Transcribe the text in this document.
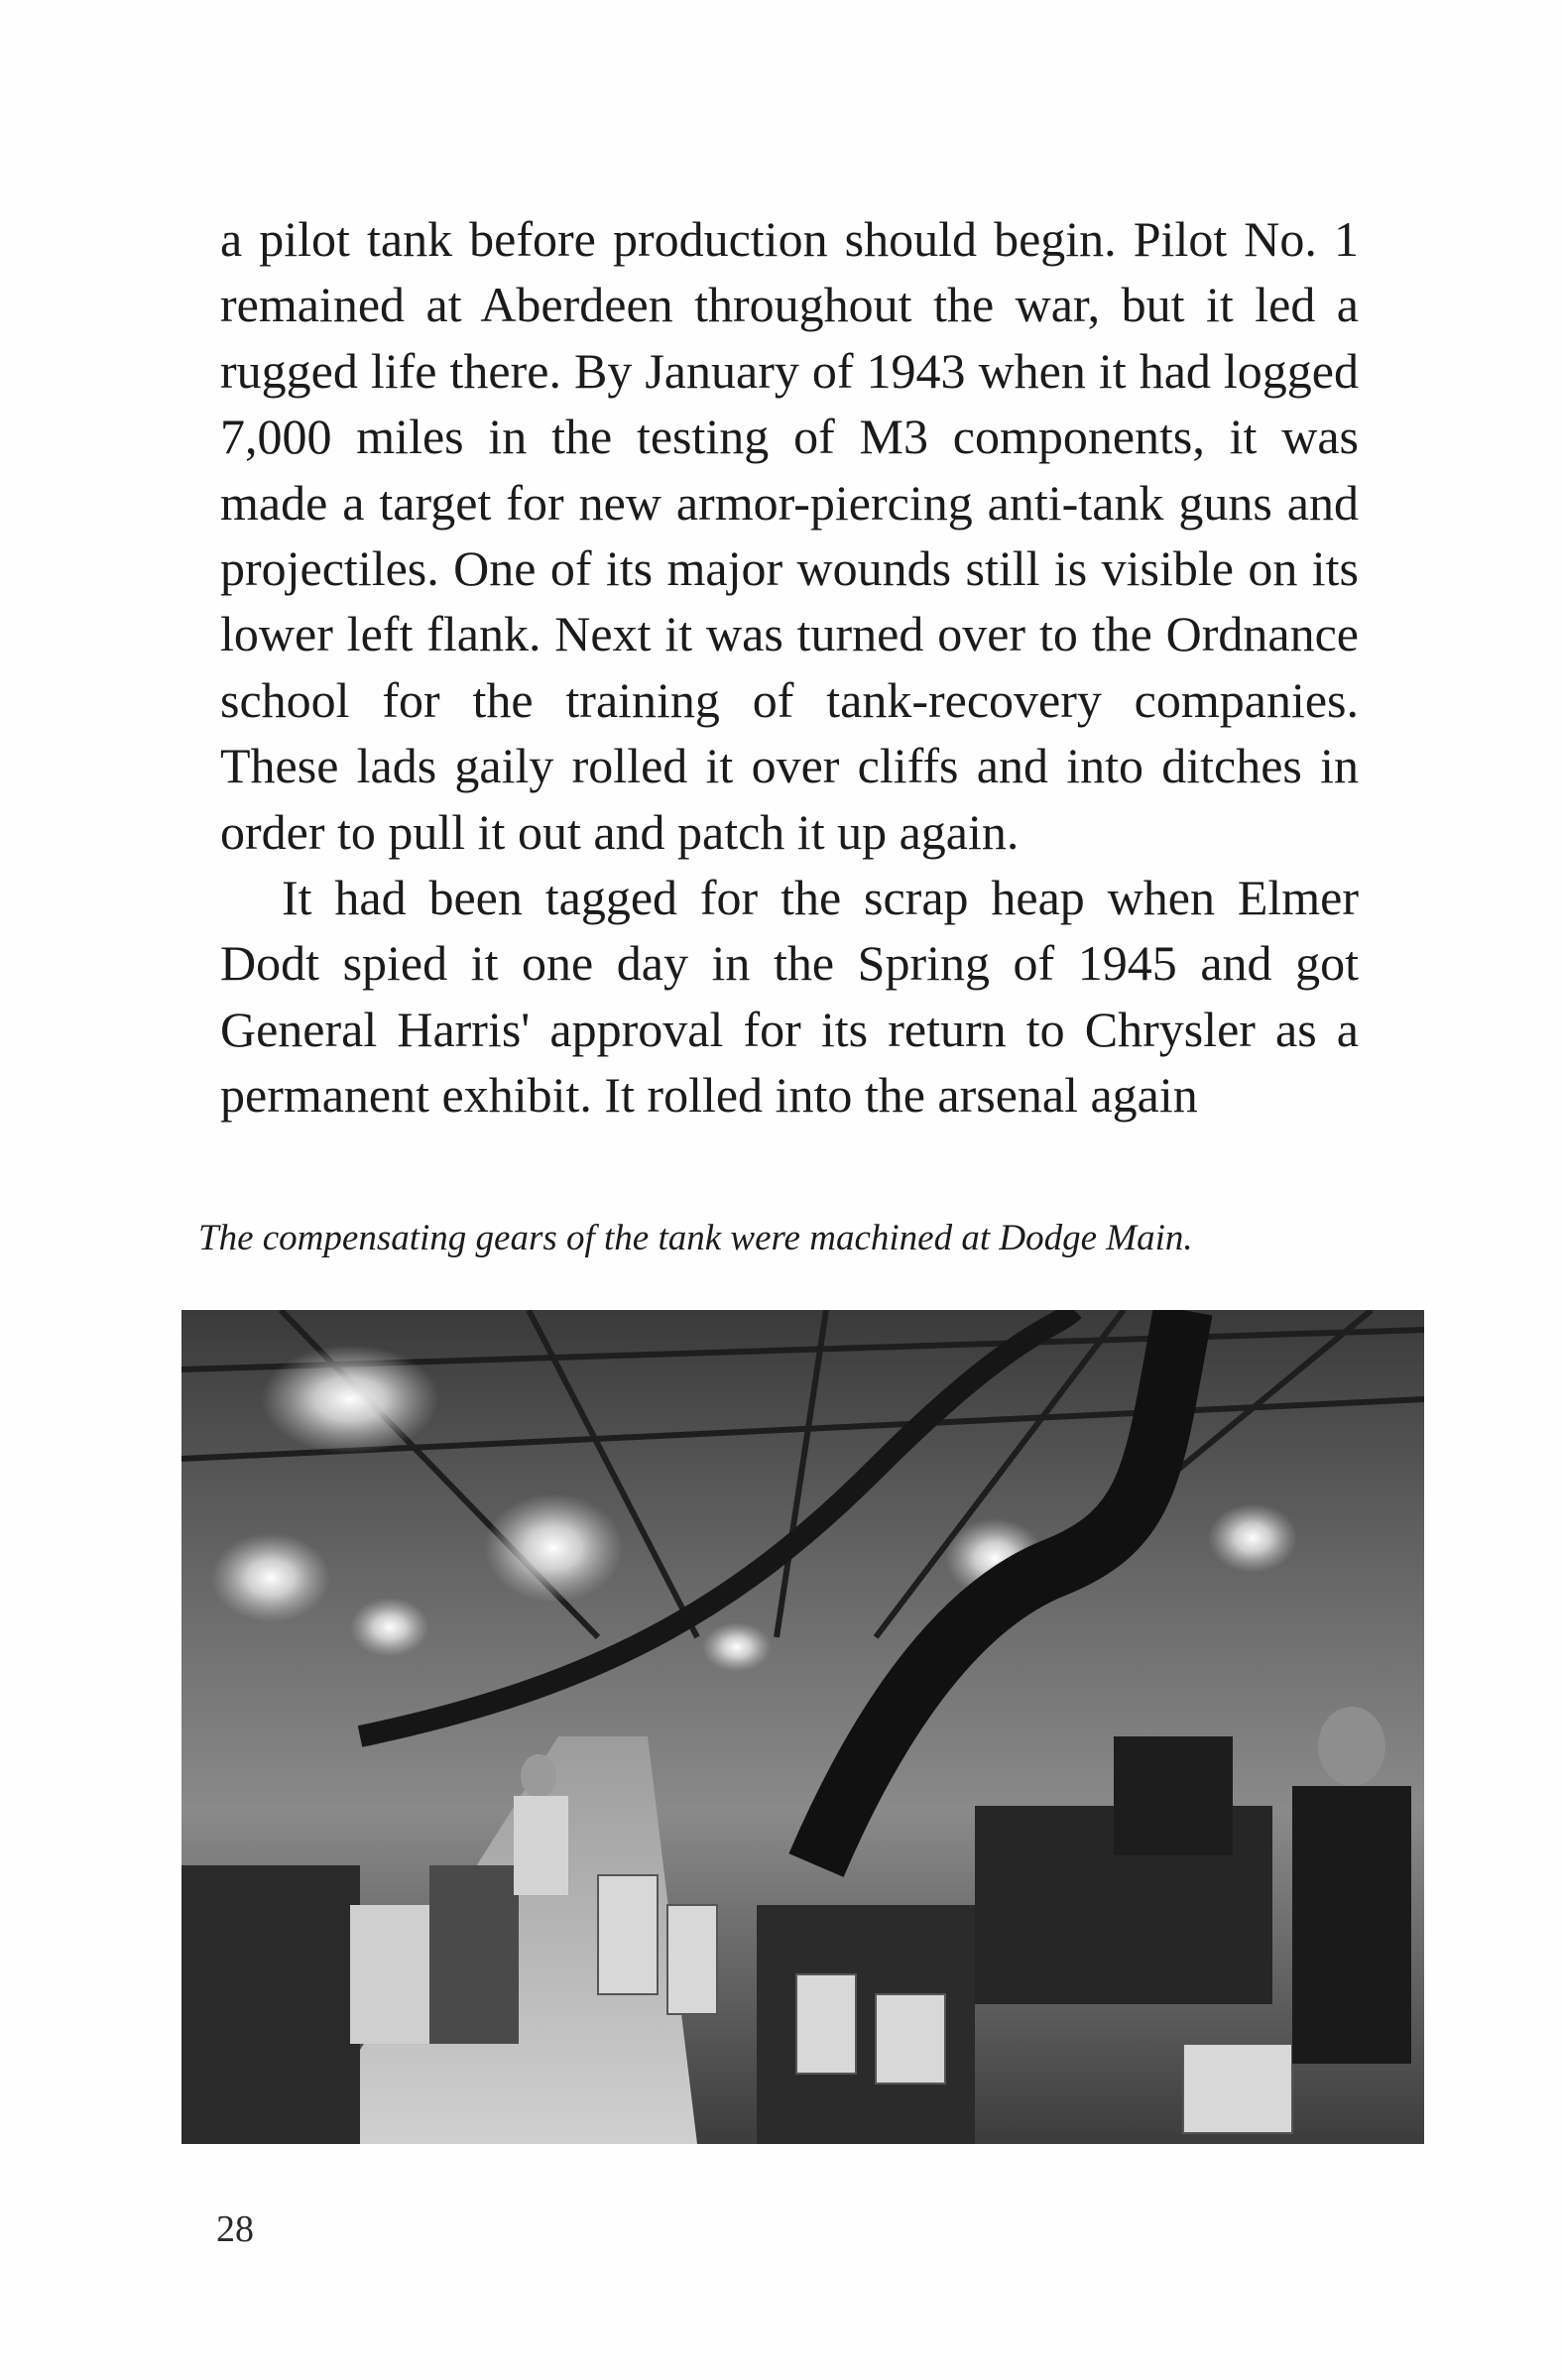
a pilot tank before production should begin. Pilot No. 1 remained at Aberdeen throughout the war, but it led a rugged life there. By January of 1943 when it had logged 7,000 miles in the testing of M3 components, it was made a target for new armor-piercing anti-tank guns and projectiles. One of its major wounds still is visible on its lower left flank. Next it was turned over to the Ordnance school for the training of tank-recovery companies. These lads gaily rolled it over cliffs and into ditches in order to pull it out and patch it up again.

It had been tagged for the scrap heap when Elmer Dodt spied it one day in the Spring of 1945 and got General Harris' approval for its return to Chrysler as a permanent exhibit. It rolled into the arsenal again

The compensating gears of the tank were machined at Dodge Main.
28
